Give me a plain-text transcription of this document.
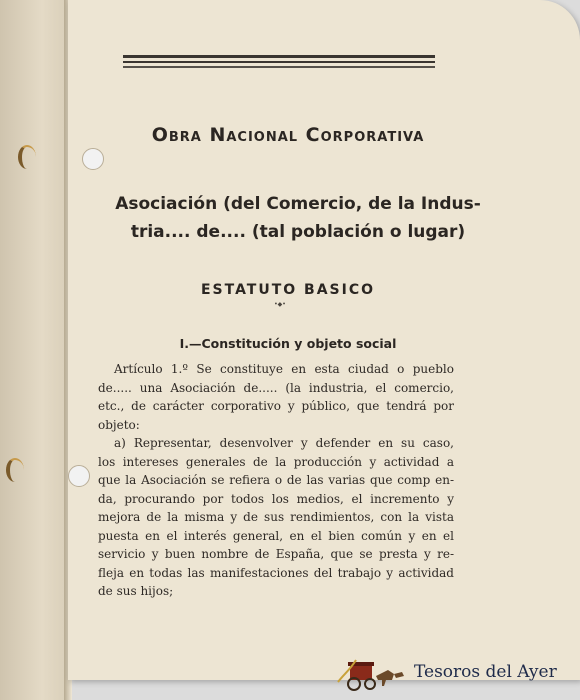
Obra Nacional Corporativa
Asociación (del Comercio, de la Indus-
tria.... de.... (tal población o lugar)
ESTATUTO BASICO
•◆•
I.—Constitución y objeto social
Artículo 1.º Se constituye en esta ciudad o pueblo
de..... una Asociación de..... (la industria, el comercio,
etc., de carácter corporativo y público, que tendrá por
objeto:
a) Representar, desenvolver y defender en su caso,
los intereses generales de la producción y actividad a
que la Asociación se refiera o de las varias que comp en-
da, procurando por todos los medios, el incremento y
mejora de la misma y de sus rendimientos, con la vista
puesta en el interés general, en el bien común y en el
servicio y buen nombre de España, que se presta y re-
fleja en todas las manifestaciones del trabajo y actividad
de sus hijos;
Tesoros del Ayer
